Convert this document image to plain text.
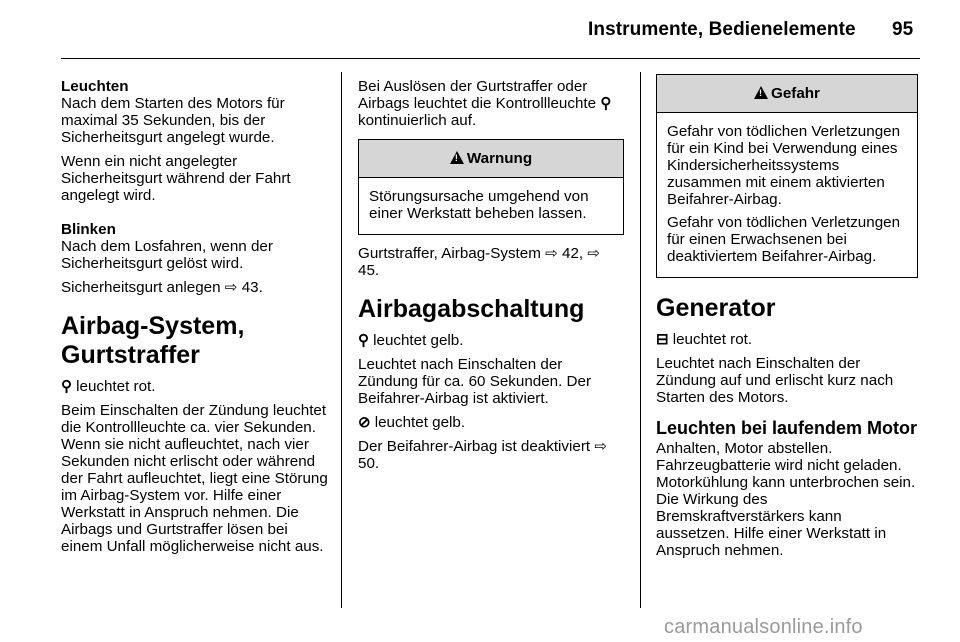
Instrumente, Bedienelemente 95
Leuchten

Nach dem Starten des Motors für maximal 35 Sekunden, bis der Sicherheitsgurt angelegt wurde.

Wenn ein nicht angelegter Sicherheitsgurt während der Fahrt angelegt wird.

Blinken

Nach dem Losfahren, wenn der Sicherheitsgurt gelöst wird.

Sicherheitsgurt anlegen ⇨ 43.

Airbag-System, Gurtstraffer

⚲ leuchtet rot.

Beim Einschalten der Zündung leuchtet die Kontrollleuchte ca. vier Sekunden. Wenn sie nicht aufleuchtet, nach vier Sekunden nicht erlischt oder während der Fahrt aufleuchtet, liegt eine Störung im Airbag-System vor. Hilfe einer Werkstatt in Anspruch nehmen. Die Airbags und Gurtstraffer lösen bei einem Unfall möglicherweise nicht aus.

Bei Auslösen der Gurtstraffer oder Airbags leuchtet die Kontrollleuchte ⚲kontinuierlich auf.

!Warnung

Störungsursache umgehend von einer Werkstatt beheben lassen.

Gurtstraffer, Airbag-System ⇨ 42, ⇨ 45.

Airbagabschaltung

⚲ leuchtet gelb.

Leuchtet nach Einschalten der Zündung für ca. 60 Sekunden. Der Beifahrer-Airbag ist aktiviert.

⊘ leuchtet gelb.

Der Beifahrer-Airbag ist deaktiviert ⇨ 50.

!Gefahr

Gefahr von tödlichen Verletzungen für ein Kind bei Verwendung eines Kindersicherheitssystems zusammen mit einem aktivierten Beifahrer-Airbag.

Gefahr von tödlichen Verletzungen für einen Erwachsenen bei deaktiviertem Beifahrer-Airbag.

Generator

⊟ leuchtet rot.

Leuchtet nach Einschalten der Zündung auf und erlischt kurz nach Starten des Motors.

Leuchten bei laufendem Motor

Anhalten, Motor abstellen. Fahrzeugbatterie wird nicht geladen. Motorkühlung kann unterbrochen sein. Die Wirkung des Bremskraftverstärkers kann aussetzen. Hilfe einer Werkstatt in Anspruch nehmen.

carmanualsonline.info
